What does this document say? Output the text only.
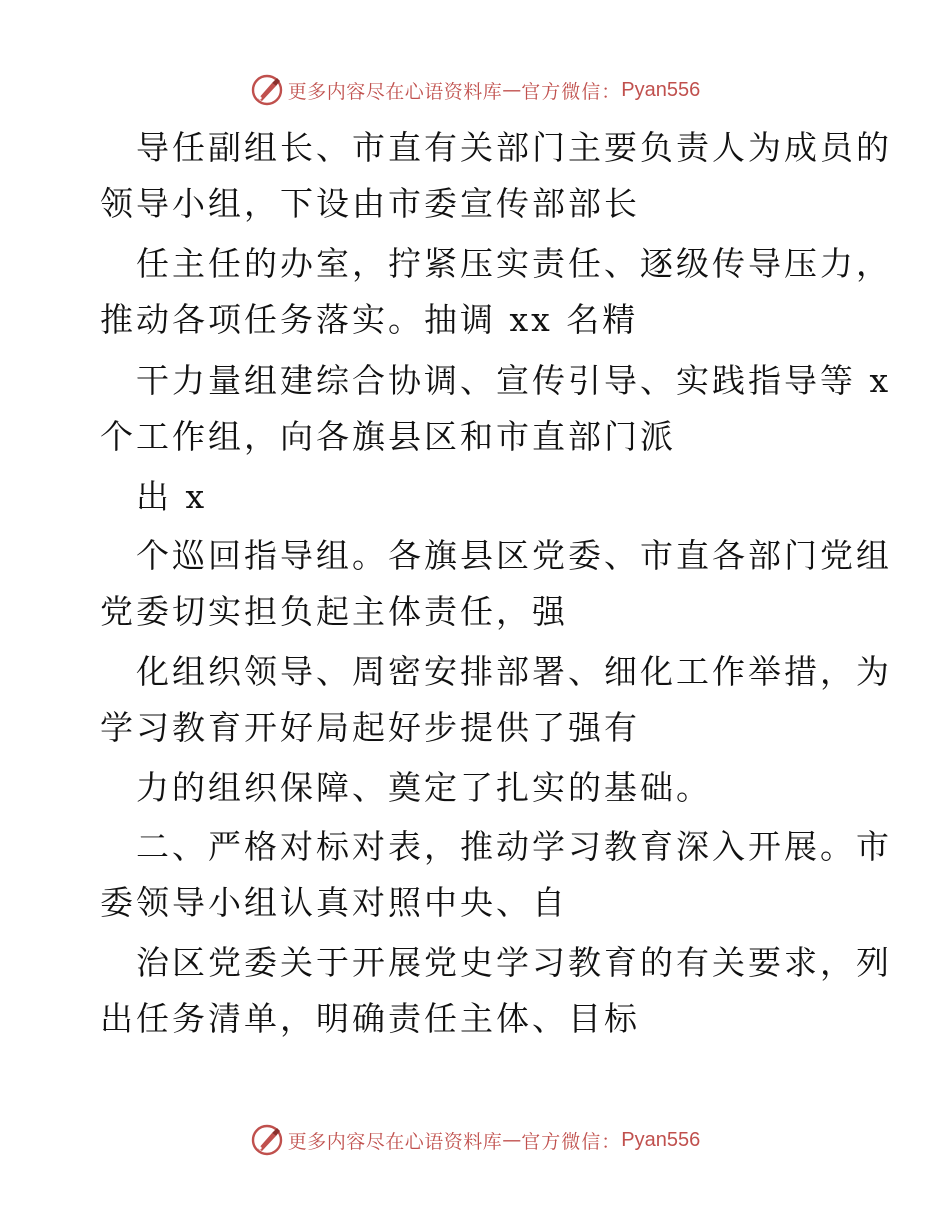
更多内容尽在心语资料库 — 官方微信： Pyan556
导任副组长、市直有关部门主要负责人为成员的
领导小组，下设由市委宣传部部长
任主任的办室，拧紧压实责任、逐级传导压力，
推动各项任务落实。抽调 xx 名精
干力量组建综合协调、宣传引导、实践指导等 x
个工作组，向各旗县区和市直部门派
出 x
个巡回指导组。各旗县区党委、市直各部门党组
党委切实担负起主体责任，强
化组织领导、周密安排部署、细化工作举措，为
学习教育开好局起好步提供了强有
力的组织保障、奠定了扎实的基础。
二、严格对标对表，推动学习教育深入开展。市
委领导小组认真对照中央、自
治区党委关于开展党史学习教育的有关要求，列
出任务清单，明确责任主体、目标
更多内容尽在心语资料库 — 官方微信： Pyan556
